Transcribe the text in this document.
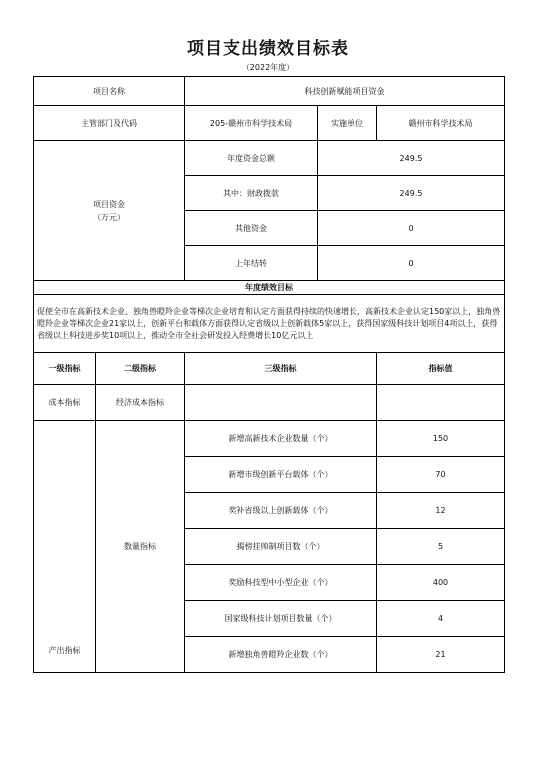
项目支出绩效目标表
（2022年度）
项目名称		科技创新赋能项目资金		
主管部门及代码		205-赣州市科学技术局	实施单位	赣州市科学技术局
项目资金
（万元）		年度资金总额	249.5	
		其中：财政拨款	249.5	
		其他资金	0	
		上年结转	0	
年度绩效目标				
促使全市在高新技术企业、独角兽瞪羚企业等梯次企业培育和认定方面获得持续的快速增长，高新技术企业认定150家以上，独角兽瞪羚企业等梯次企业21家以上，创新平台和载体方面获得认定省级以上创新载体5家以上，获得国家级科技计划项目4项以上，获得省级以上科技进步奖10项以上，推动全市全社会研发投入经费增长10亿元以上				
一级指标	二级指标	三级指标		指标值
成本指标	经济成本指标			
产出指标	数量指标	新增高新技术企业数量（个）		150
		新增市级创新平台载体（个）		70
		奖补省级以上创新载体（个）		12
		揭榜挂帅制项目数（个）		5
		奖励科技型中小型企业（个）		400
		国家级科技计划项目数量（个）		4
		新增独角兽瞪羚企业数（个）		21
